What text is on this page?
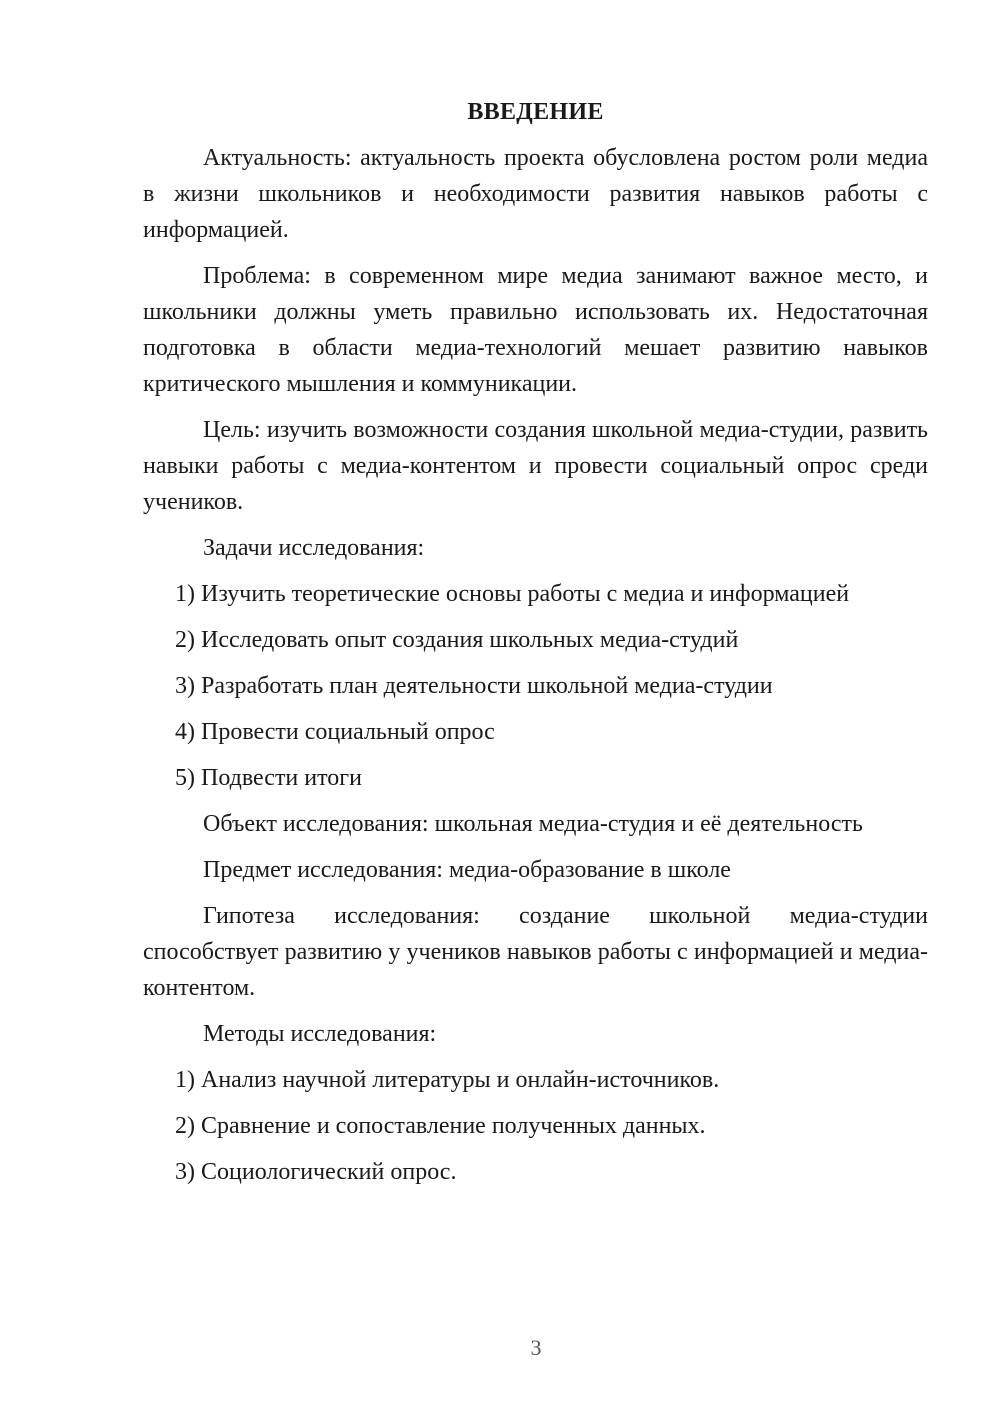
ВВЕДЕНИЕ
Актуальность: актуальность проекта обусловлена ростом роли медиа в жизни школьников и необходимости развития навыков работы с информацией.
Проблема: в современном мире медиа занимают важное место, и школьники должны уметь правильно использовать их. Недостаточная подготовка в области медиа-технологий мешает развитию навыков критического мышления и коммуникации.
Цель: изучить возможности создания школьной медиа-студии, развить навыки работы с медиа-контентом и провести социальный опрос среди учеников.
Задачи исследования:
1) Изучить теоретические основы работы с медиа и информацией
2) Исследовать опыт создания школьных медиа-студий
3) Разработать план деятельности школьной медиа-студии
4) Провести социальный опрос
5) Подвести итоги
Объект исследования: школьная медиа-студия и её деятельность
Предмет исследования: медиа-образование в школе
Гипотеза исследования: создание школьной медиа-студии способствует развитию у учеников навыков работы с информацией и медиа-контентом.
Методы исследования:
1) Анализ научной литературы и онлайн-источников.
2) Сравнение и сопоставление полученных данных.
3) Социологический опрос.
3
